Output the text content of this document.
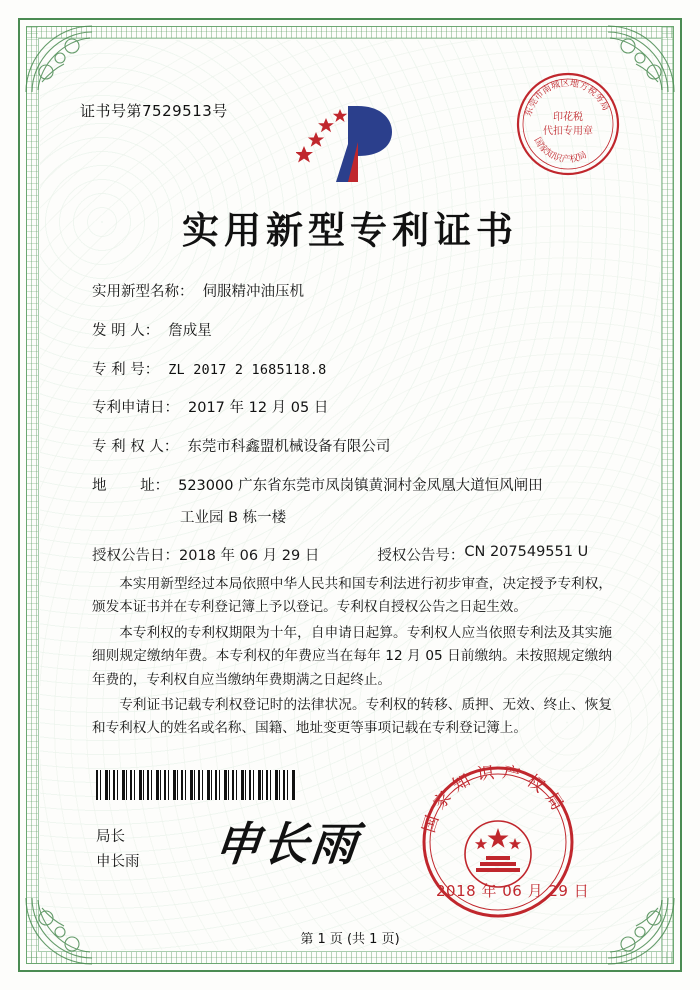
证书号第7529513号	东莞市南城区地方税务局
国家知识产权局
印花税
代扣专用章
实用新型专利证书
实用新型名称： 伺服精冲油压机
发 明 人： 詹成星
专 利 号： ZL 2017 2 1685118.8
专利申请日： 2017 年 12 月 05 日
专 利 权 人： 东莞市科鑫盟机械设备有限公司
地 　　址： 523000 广东省东莞市凤岗镇黄洞村金凤凰大道恒风闸田
工业园 B 栋一楼
授权公告日： 2018 年 06 月 29 日	授权公告号： CN 207549551 U

本实用新型经过本局依照中华人民共和国专利法进行初步审查，决定授予专利权，颁发本证书并在专利登记簿上予以登记。专利权自授权公告之日起生效。

本专利权的专利权期限为十年，自申请日起算。专利权人应当依照专利法及其实施细则规定缴纳年费。本专利权的年费应当在每年 12 月 05 日前缴纳。未按照规定缴纳年费的，专利权自应当缴纳年费期满之日起终止。

专利证书记载专利权登记时的法律状况。专利权的转移、质押、无效、终止、恢复和专利权人的姓名或名称、国籍、地址变更等事项记载在专利登记簿上。

局长
申长雨 申长雨	国家知识产权局
2018 年 06 月 29 日
第 1 页 (共 1 页)
